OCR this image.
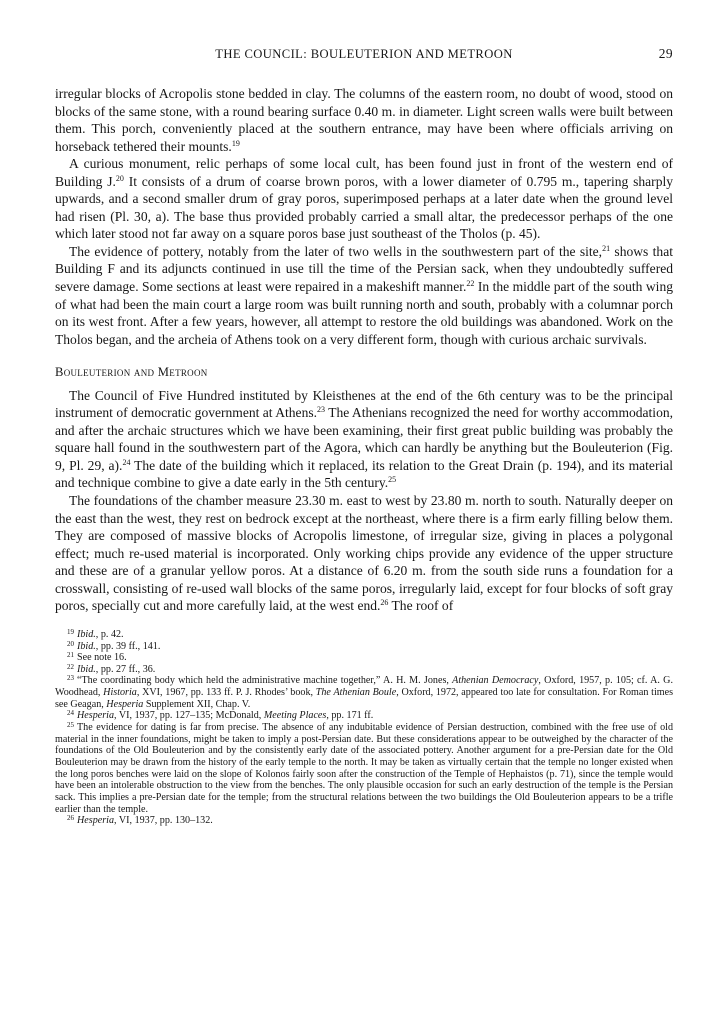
THE COUNCIL: BOULEUTERION AND METROON	29

irregular blocks of Acropolis stone bedded in clay. The columns of the eastern room, no doubt of wood, stood on blocks of the same stone, with a round bearing surface 0.40 m. in diameter. Light screen walls were built between them. This porch, conveniently placed at the southern entrance, may have been where officials arriving on horseback tethered their mounts.$^{19}$

A curious monument, relic perhaps of some local cult, has been found just in front of the western end of Building J.$^{20}$ It consists of a drum of coarse brown poros, with a lower diameter of 0.795 m., tapering sharply upwards, and a second smaller drum of gray poros, superimposed perhaps at a later date when the ground level had risen (Pl. 30, a). The base thus provided probably carried a small altar, the predecessor perhaps of the one which later stood not far away on a square poros base just southeast of the Tholos (p. 45).

The evidence of pottery, notably from the later of two wells in the southwestern part of the site,$^{21}$ shows that Building F and its adjuncts continued in use till the time of the Persian sack, when they undoubtedly suffered severe damage. Some sections at least were repaired in a makeshift manner.$^{22}$ In the middle part of the south wing of what had been the main court a large room was built running north and south, probably with a columnar porch on its west front. After a few years, however, all attempt to restore the old buildings was abandoned. Work on the Tholos began, and the archeia of Athens took on a very different form, though with curious archaic survivals.

Bouleuterion and Metroon

The Council of Five Hundred instituted by Kleisthenes at the end of the 6th century was to be the principal instrument of democratic government at Athens.$^{23}$ The Athenians recognized the need for worthy accommodation, and after the archaic structures which we have been examining, their first great public building was probably the square hall found in the southwestern part of the Agora, which can hardly be anything but the Bouleuterion (Fig. 9, Pl. 29, a).$^{24}$ The date of the building which it replaced, its relation to the Great Drain (p. 194), and its material and technique combine to give a date early in the 5th century.$^{25}$

The foundations of the chamber measure 23.30 m. east to west by 23.80 m. north to south. Naturally deeper on the east than the west, they rest on bedrock except at the northeast, where there is a firm early filling below them. They are composed of massive blocks of Acropolis limestone, of irregular size, giving in places a polygonal effect; much re-used material is incorporated. Only working chips provide any evidence of the upper structure and these are of a granular yellow poros. At a distance of 6.20 m. from the south side runs a foundation for a crosswall, consisting of re-used wall blocks of the same poros, irregularly laid, except for four blocks of soft gray poros, specially cut and more carefully laid, at the west end.$^{26}$ The roof of

$^{19}$ Ibid., p. 42.

$^{20}$ Ibid., pp. 39 ff., 141.

$^{21}$ See note 16.

$^{22}$ Ibid., pp. 27 ff., 36.

$^{23}$ “The coordinating body which held the administrative machine together,” A. H. M. Jones, Athenian Democracy, Oxford, 1957, p. 105; cf. A. G. Woodhead, Historia, XVI, 1967, pp. 133 ff. P. J. Rhodes’ book, The Athenian Boule, Oxford, 1972, appeared too late for consultation. For Roman times see Geagan, Hesperia Supplement XII, Chap. V.

$^{24}$ Hesperia, VI, 1937, pp. 127–135; McDonald, Meeting Places, pp. 171 ff.

$^{25}$ The evidence for dating is far from precise. The absence of any indubitable evidence of Persian destruction, combined with the free use of old material in the inner foundations, might be taken to imply a post-Persian date. But these considerations appear to be outweighed by the character of the foundations of the Old Bouleuterion and by the consistently early date of the associated pottery. Another argument for a pre-Persian date for the Old Bouleuterion may be drawn from the history of the early temple to the north. It may be taken as virtually certain that the temple no longer existed when the long poros benches were laid on the slope of Kolonos fairly soon after the construction of the Temple of Hephaistos (p. 71), since the temple would have been an intolerable obstruction to the view from the benches. The only plausible occasion for such an early destruction of the temple is the Persian sack. This implies a pre-Persian date for the temple; from the structural relations between the two buildings the Old Bouleuterion appears to be a trifle earlier than the temple.

$^{26}$ Hesperia, VI, 1937, pp. 130–132.
